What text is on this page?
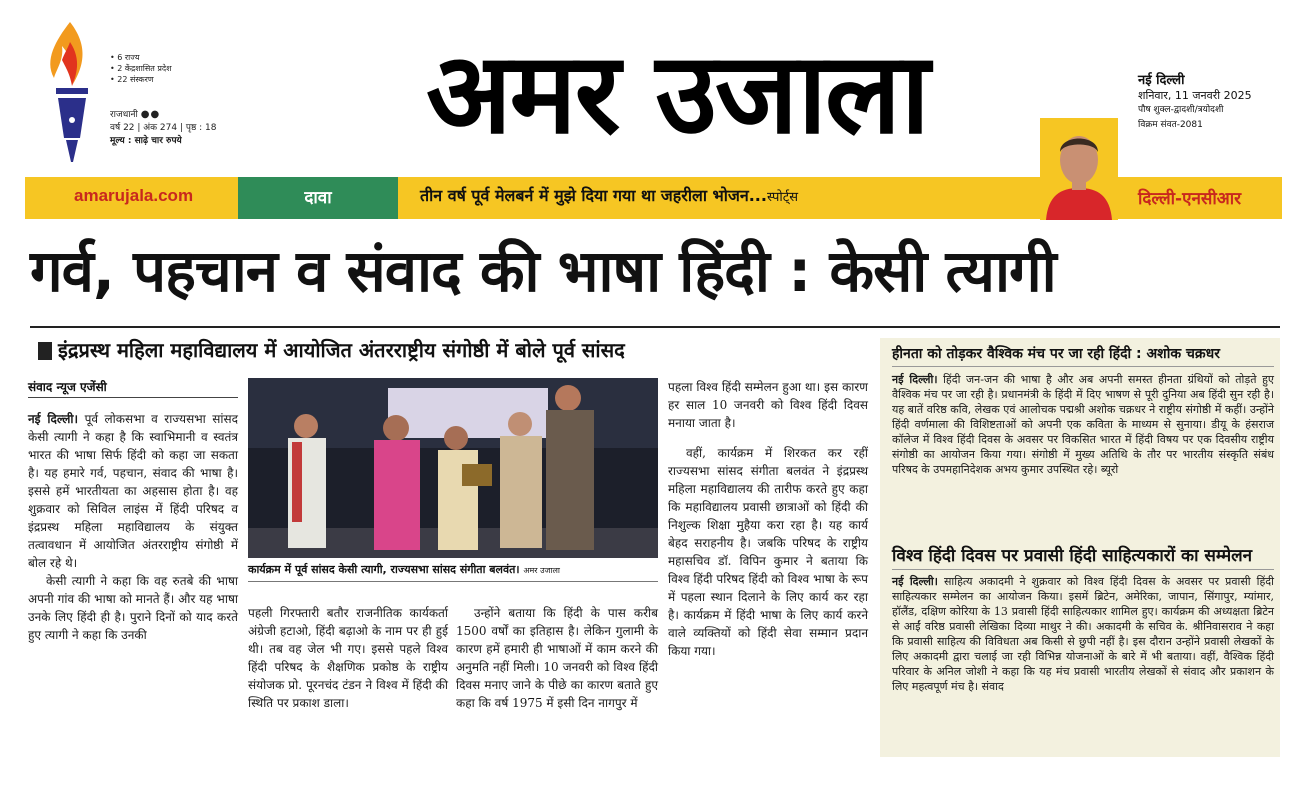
• 6 राज्य
• 2 केंद्रशासित प्रदेश
• 22 संस्करण
राजधानी ●●
वर्ष 22 | अंक 274 | पृष्ठ : 18
मूल्य : साढ़े चार रुपये	अमर उजाला	नई दिल्ली
शनिवार, 11 जनवरी 2025
पौष शुक्ल-द्वादशी/त्रयोदशी
विक्रम संवत-2081
amarujala.com	दावा	तीन वर्ष पूर्व मेलबर्न में मुझे दिया गया था जहरीला भोजन...स्पोर्ट्स	दिल्ली-एनसीआर
गर्व, पहचान व संवाद की भाषा हिंदी : केसी त्यागी
इंद्रप्रस्थ महिला महाविद्यालय में आयोजित अंतरराष्ट्रीय संगोष्ठी में बोले पूर्व सांसद
संवाद न्यूज एजेंसी

नई दिल्ली। पूर्व लोकसभा व राज्यसभा सांसद केसी त्यागी ने कहा है कि स्वाभिमानी व स्वतंत्र भारत की भाषा सिर्फ हिंदी को कहा जा सकता है। यह हमारे गर्व, पहचान, संवाद की भाषा है। इससे हमें भारतीयता का अहसास होता है। वह शुक्रवार को सिविल लाइंस में हिंदी परिषद व इंद्रप्रस्थ महिला महाविद्यालय के संयुक्त तत्वावधान में आयोजित अंतरराष्ट्रीय संगोष्ठी में बोल रहे थे।

केसी त्यागी ने कहा कि वह रुतबे की भाषा अपनी गांव की भाषा को मानते हैं। और यह भाषा उनके लिए हिंदी ही है। पुराने दिनों को याद करते हुए त्यागी ने कहा कि उनकी

कार्यक्रम में पूर्व सांसद केसी त्यागी, राज्यसभा सांसद संगीता बलवंत। अमर उजाला

पहली गिरफ्तारी बतौर राजनीतिक कार्यकर्ता अंग्रेजी हटाओ, हिंदी बढ़ाओ के नाम पर ही हुई थी। तब वह जेल भी गए। इससे पहले विश्व हिंदी परिषद के शैक्षणिक प्रकोष्ठ के राष्ट्रीय संयोजक प्रो. पूरनचंद टंडन ने विश्व में हिंदी की स्थिति पर प्रकाश डाला।

उन्होंने बताया कि हिंदी के पास करीब 1500 वर्षों का इतिहास है। लेकिन गुलामी के कारण हमें हमारी ही भाषाओं में काम करने की अनुमति नहीं मिली। 10 जनवरी को विश्व हिंदी दिवस मनाए जाने के पीछे का कारण बताते हुए कहा कि वर्ष 1975 में इसी दिन नागपुर में

पहला विश्व हिंदी सम्मेलन हुआ था। इस कारण हर साल 10 जनवरी को विश्व हिंदी दिवस मनाया जाता है।

वहीं, कार्यक्रम में शिरकत कर रहीं राज्यसभा सांसद संगीता बलवंत ने इंद्रप्रस्थ महिला महाविद्यालय की तारीफ करते हुए कहा कि महाविद्यालय प्रवासी छात्राओं को हिंदी की निशुल्क शिक्षा मुहैया करा रहा है। यह कार्य बेहद सराहनीय है। जबकि परिषद के राष्ट्रीय महासचिव डॉ. विपिन कुमार ने बताया कि विश्व हिंदी परिषद हिंदी को विश्व भाषा के रूप में पहला स्थान दिलाने के लिए कार्य कर रहा है। कार्यक्रम में हिंदी भाषा के लिए कार्य करने वाले व्यक्तियों को हिंदी सेवा सम्मान प्रदान किया गया।

हीनता को तोड़कर वैश्विक मंच पर जा रही हिंदी : अशोक चक्रधर

नई दिल्ली। हिंदी जन-जन की भाषा है और अब अपनी समस्त हीनता ग्रंथियों को तोड़ते हुए वैश्विक मंच पर जा रही है। प्रधानमंत्री के हिंदी में दिए भाषण से पूरी दुनिया अब हिंदी सुन रही है। यह बातें वरिष्ठ कवि, लेखक एवं आलोचक पद्मश्री अशोक चक्रधर ने राष्ट्रीय संगोष्ठी में कहीं। उन्होंने हिंदी वर्णमाला की विशिष्टताओं को अपनी एक कविता के माध्यम से सुनाया। डीयू के हंसराज कॉलेज में विश्व हिंदी दिवस के अवसर पर विकसित भारत में हिंदी विषय पर एक दिवसीय राष्ट्रीय संगोष्ठी का आयोजन किया गया। संगोष्ठी में मुख्य अतिथि के तौर पर भारतीय संस्कृति संबंध परिषद के उपमहानिदेशक अभय कुमार उपस्थित रहे। ब्यूरो

विश्व हिंदी दिवस पर प्रवासी हिंदी साहित्यकारों का सम्मेलन

नई दिल्ली। साहित्य अकादमी ने शुक्रवार को विश्व हिंदी दिवस के अवसर पर प्रवासी हिंदी साहित्यकार सम्मेलन का आयोजन किया। इसमें ब्रिटेन, अमेरिका, जापान, सिंगापुर, म्यांमार, हॉलैंड, दक्षिण कोरिया के 13 प्रवासी हिंदी साहित्यकार शामिल हुए। कार्यक्रम की अध्यक्षता ब्रिटेन से आईं वरिष्ठ प्रवासी लेखिका दिव्या माथुर ने की। अकादमी के सचिव के. श्रीनिवासराव ने कहा कि प्रवासी साहित्य की विविधता अब किसी से छुपी नहीं है। इस दौरान उन्होंने प्रवासी लेखकों के लिए अकादमी द्वारा चलाई जा रही विभिन्न योजनाओं के बारे में भी बताया। वहीं, वैश्विक हिंदी परिवार के अनिल जोशी ने कहा कि यह मंच प्रवासी भारतीय लेखकों से संवाद और प्रकाशन के लिए महत्वपूर्ण मंच है। संवाद
